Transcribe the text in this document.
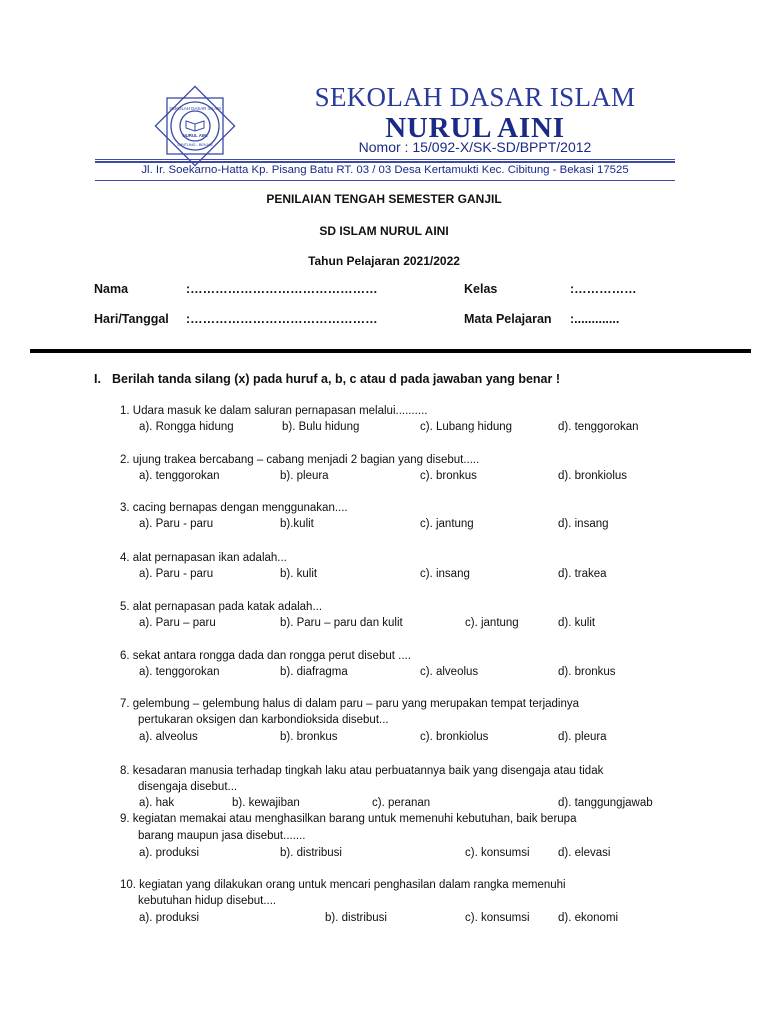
SEKOLAH DASAR ISLAM
NURUL AINI
CIBITUNG - BEKASI
SEKOLAH DASAR ISLAM
NURUL AINI
Nomor : 15/092-X/SK-SD/BPPT/2012
Jl. Ir. Soekarno-Hatta Kp. Pisang Batu RT. 03 / 03 Desa Kertamukti Kec. Cibitung - Bekasi 17525
PENILAIAN TENGAH SEMESTER GANJIL
SD ISLAM NURUL AINI
Tahun Pelajaran 2021/2022
Nama	:………………………………………	Kelas	:……………
Hari/Tanggal :………………………………………	Mata Pelajaran :.............
I. Berilah tanda silang (x) pada huruf a, b, c atau d pada jawaban yang benar !
1. Udara masuk ke dalam saluran pernapasan melalui..........
a). Rongga hidung	b). Bulu hidung	c). Lubang hidung	d). tenggorokan
2. ujung trakea bercabang – cabang menjadi 2 bagian yang disebut.....
a). tenggorokan	b). pleura	c). bronkus	d). bronkiolus
3. cacing bernapas dengan menggunakan....
a). Paru - paru	b).kulit	c). jantung	d). insang
4. alat pernapasan ikan adalah...
a). Paru - paru	b). kulit	c). insang	d). trakea
5. alat pernapasan pada katak adalah...
a). Paru – paru	b). Paru – paru dan kulit	c). jantung	d). kulit
6. sekat antara rongga dada dan rongga perut disebut ....
a). tenggorokan	b). diafragma	c). alveolus	d). bronkus
7. gelembung – gelembung halus di dalam paru – paru yang merupakan tempat terjadinya
pertukaran oksigen dan karbondioksida disebut...
a). alveolus	b). bronkus	c). bronkiolus	d). pleura
8. kesadaran manusia terhadap tingkah laku atau perbuatannya baik yang disengaja atau tidak
disengaja disebut...
a). hak	b). kewajiban	c). peranan	d). tanggungjawab
9. kegiatan memakai atau menghasilkan barang untuk memenuhi kebutuhan, baik berupa
barang maupun jasa disebut.......
a). produksi	b). distribusi	c). konsumsi d). elevasi
10. kegiatan yang dilakukan orang untuk mencari penghasilan dalam rangka memenuhi
kebutuhan hidup disebut....
a). produksi	b). distribusi	c). konsumsi d). ekonomi
